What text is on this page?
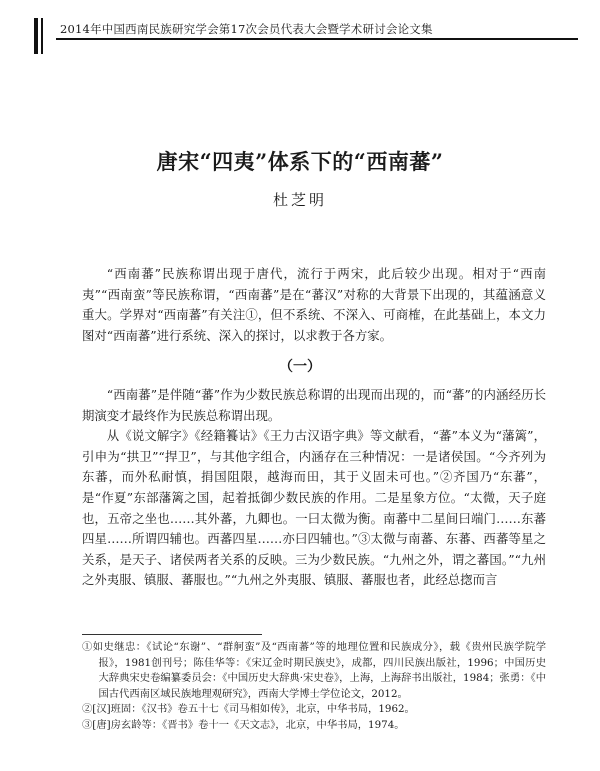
2014年中国西南民族研究学会第17次会员代表大会暨学术研讨会论文集
唐宋“四夷”体系下的“西南蕃”
杜芝明

“西南蕃”民族称谓出现于唐代，流行于两宋，此后较少出现。相对于“西南夷”“西南蛮”等民族称谓，“西南蕃”是在“蕃汉”对称的大背景下出现的，其蕴涵意义重大。学界对“西南蕃”有关注①，但不系统、不深入、可商榷，在此基础上，本文力图对“西南蕃”进行系统、深入的探讨，以求教于各方家。

（一）

“西南蕃”是伴随“蕃”作为少数民族总称谓的出现而出现的，而“蕃”的内涵经历长期演变才最终作为民族总称谓出现。

从《说文解字》《经籍籑诂》《王力古汉语字典》等文献看，“蕃”本义为“藩篱”，引申为“拱卫”“捍卫”，与其他字组合，内涵存在三种情况：一是诸侯国。“今齐列为东蕃，而外私耐慎，捐国阻限，越海而田，其于义固未可也。”②齐国乃“东蕃”，是“作夏”东部藩篱之国，起着抵御少数民族的作用。二是星象方位。“太微，天子庭也，五帝之坐也……其外蕃，九卿也。一曰太微为衡。南蕃中二星间曰端门……东蕃四星……所谓四辅也。西蕃四星……亦曰四辅也。”③太微与南蕃、东蕃、西蕃等星之关系，是天子、诸侯两者关系的反映。三为少数民族。“九州之外，谓之蕃国。”“九州之外夷服、镇服、蕃服也。”“九州之外夷服、镇服、蕃服也者，此经总揔而言

①如史继忠：《试论“东谢”、“群舸蛮”及“西南蕃”等的地理位置和民族成分》，载《贵州民族学院学报》，1981创刊号；陈佳华等：《宋辽金时期民族史》，成都，四川民族出版社，1996；中国历史大辞典宋史卷编纂委员会：《中国历史大辞典·宋史卷》，上海，上海辞书出版社，1984；张勇：《中国古代西南区域民族地理观研究》，西南大学博士学位论文，2012。

②[汉]班固：《汉书》卷五十七《司马相如传》，北京，中华书局，1962。

③[唐]房玄龄等：《晋书》卷十一《天文志》，北京，中华书局，1974。
